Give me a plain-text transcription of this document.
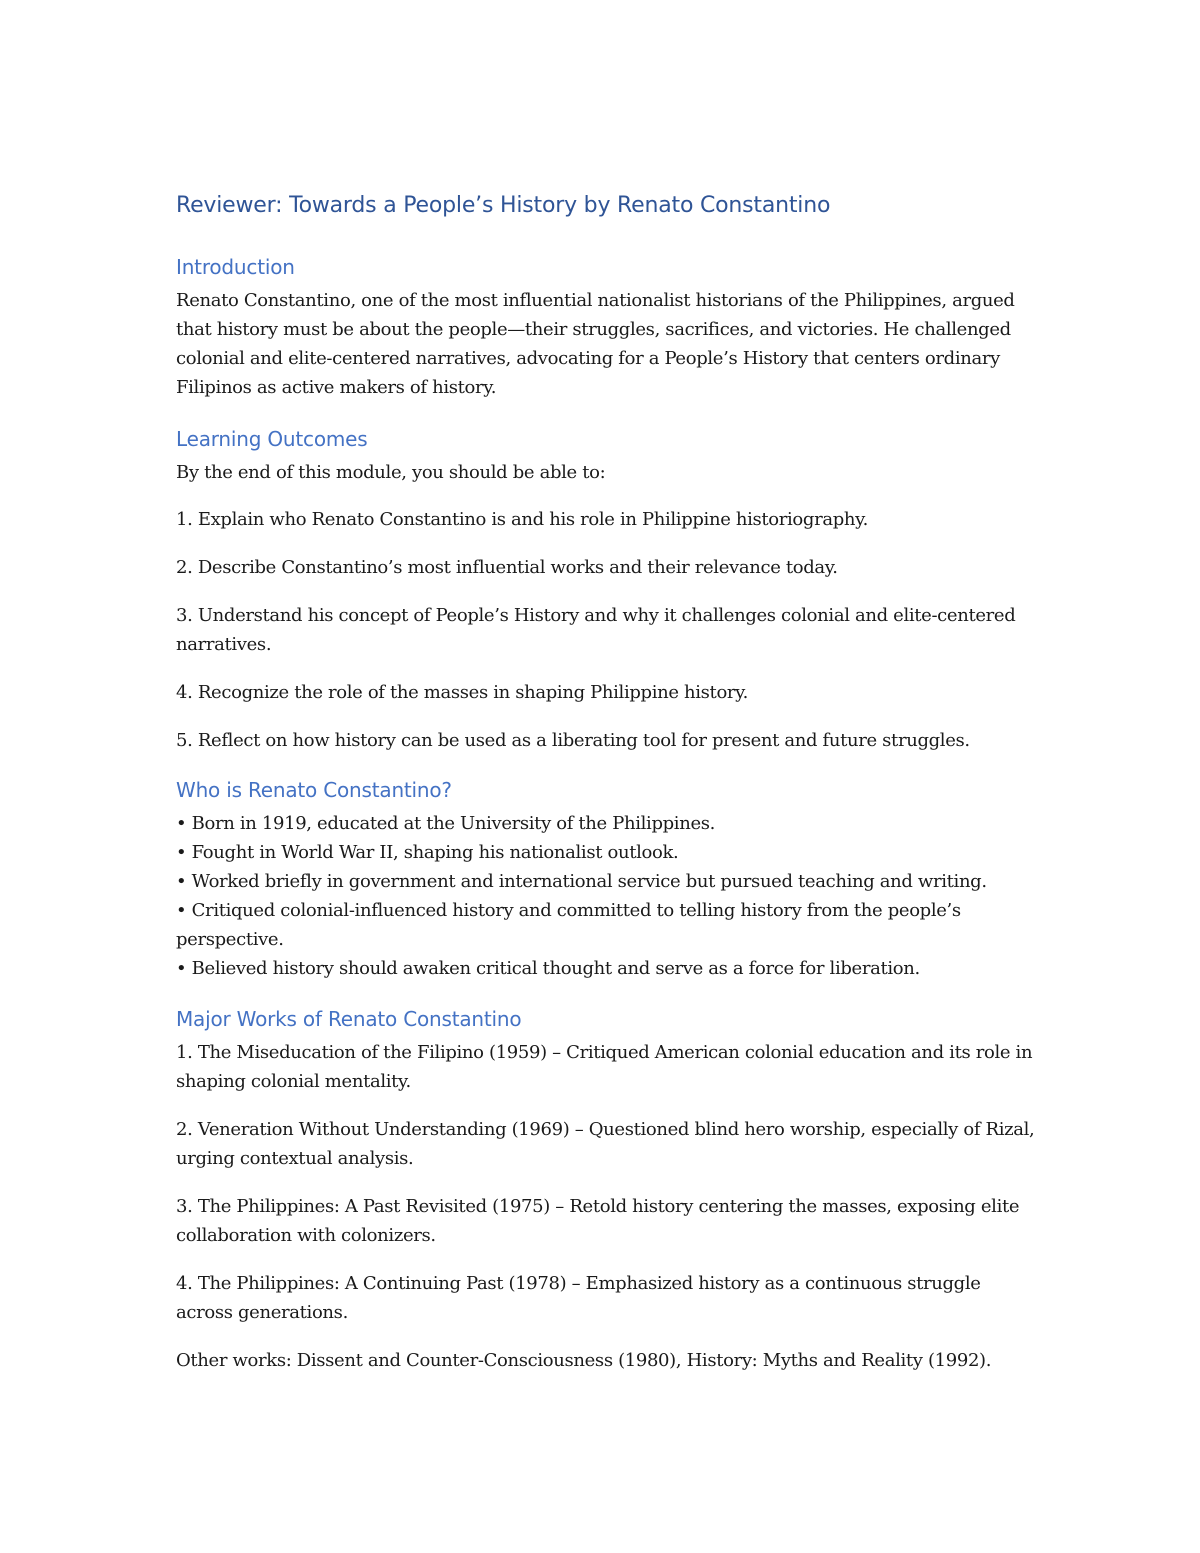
Reviewer: Towards a People’s History by Renato Constantino
Introduction

Renato Constantino, one of the most influential nationalist historians of the Philippines, argued that history must be about the people—their struggles, sacrifices, and victories. He challenged colonial and elite-centered narratives, advocating for a People’s History that centers ordinary Filipinos as active makers of history.

Learning Outcomes

By the end of this module, you should be able to:

1. Explain who Renato Constantino is and his role in Philippine historiography.

2. Describe Constantino’s most influential works and their relevance today.

3. Understand his concept of People’s History and why it challenges colonial and elite-centered narratives.

4. Recognize the role of the masses in shaping Philippine history.

5. Reflect on how history can be used as a liberating tool for present and future struggles.

Who is Renato Constantino?
• Born in 1919, educated at the University of the Philippines.
• Fought in World War II, shaping his nationalist outlook.
• Worked briefly in government and international service but pursued teaching and writing.
• Critiqued colonial-influenced history and committed to telling history from the people’s perspective.
• Believed history should awaken critical thought and serve as a force for liberation.
Major Works of Renato Constantino

1. The Miseducation of the Filipino (1959) – Critiqued American colonial education and its role in shaping colonial mentality.

2. Veneration Without Understanding (1969) – Questioned blind hero worship, especially of Rizal, urging contextual analysis.

3. The Philippines: A Past Revisited (1975) – Retold history centering the masses, exposing elite collaboration with colonizers.

4. The Philippines: A Continuing Past (1978) – Emphasized history as a continuous struggle across generations.

Other works: Dissent and Counter-Consciousness (1980), History: Myths and Reality (1992).
